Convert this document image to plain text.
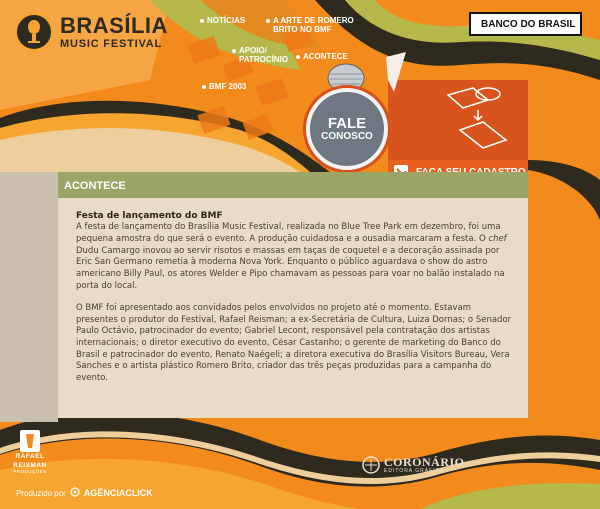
BRASÍLIA
MUSIC FESTIVAL
NOTÍCIAS	A ARTE DE ROMERO
BRITO NO BMF
APOIO/
PATROCÍNIO	ACONTECE
BMF 2003
BANCO DO BRASIL
FALE
CONOSCO
ACONTECE
Festa de lançamento do BMF

A festa de lançamento do Brasília Music Festival, realizada no Blue Tree Park em dezembro, foi uma pequena amostra do que será o evento. A produção cuidadosa e a ousadia marcaram a festa. O chef Dudu Camargo inovou ao servir risotos e massas em taças de coquetel e a decoração assinada por Eric San Germano remetia à moderna Nova York. Enquanto o público aguardava o show do astro americano Billy Paul, os atores Welder e Pipo chamavam as pessoas para voar no balão instalado na porta do local.

O BMF foi apresentado aos convidados pelos envolvidos no projeto até o momento. Estavam presentes o produtor do Festival, Rafael Reisman; a ex-Secretária de Cultura, Luiza Dornas; o Senador Paulo Octávio, patrocinador do evento; Gabriel Lecont, responsável pela contratação dos artistas internacionais; o diretor executivo do evento, César Castanho; o gerente de marketing do Banco do Brasil e patrocinador do evento, Renato Naégeli; a diretora executiva do Brasília Visitors Bureau, Vera Sanches e o artista plástico Romero Brito, criador das três peças produzidas para a campanha do evento.

RAFAEL
REISMAN
PRODUÇÕES
Produzido por AGÊNCIACLICK
CORONÁRIO
EDITORA GRÁFICA
